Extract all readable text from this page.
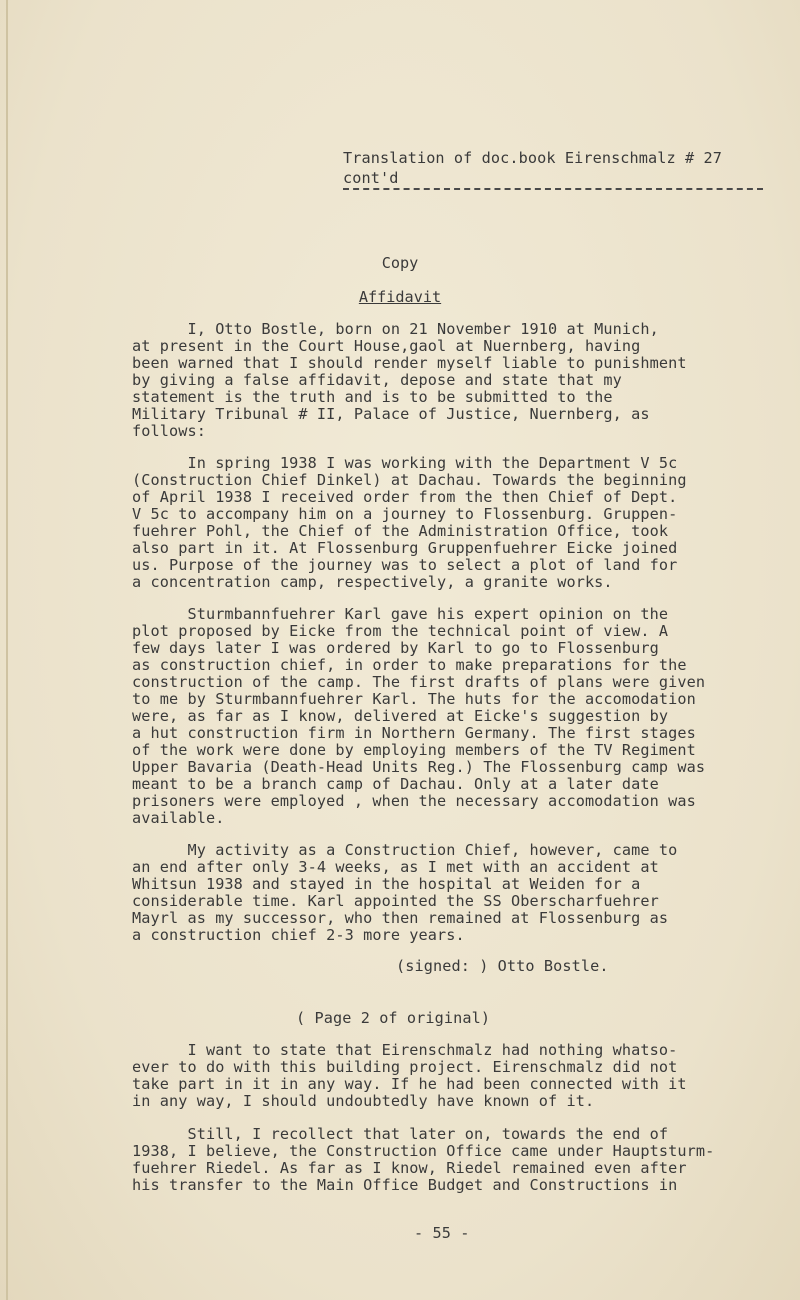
Translation of doc.book Eirenschmalz # 27
cont'd
Copy
Affidavit
I, Otto Bostle, born on 21 November 1910 at Munich,
at present in the Court House,gaol at Nuernberg, having
been warned that I should render myself liable to punishment
by giving a false affidavit, depose and state that my
statement is the truth and is to be submitted to the
Military Tribunal # II, Palace of Justice, Nuernberg, as
follows:
In spring 1938 I was working with the Department V 5c
(Construction Chief Dinkel) at Dachau. Towards the beginning
of April 1938 I received order from the then Chief of Dept.
V 5c to accompany him on a journey to Flossenburg. Gruppen-
fuehrer Pohl, the Chief of the Administration Office, took
also part in it. At Flossenburg Gruppenfuehrer Eicke joined
us. Purpose of the journey was to select a plot of land for
a concentration camp, respectively, a granite works.
Sturmbannfuehrer Karl gave his expert opinion on the
plot proposed by Eicke from the technical point of view. A
few days later I was ordered by Karl to go to Flossenburg
as construction chief, in order to make preparations for the
construction of the camp. The first drafts of plans were given
to me by Sturmbannfuehrer Karl. The huts for the accomodation
were, as far as I know, delivered at Eicke's suggestion by
a hut construction firm in Northern Germany. The first stages
of the work were done by employing members of the TV Regiment
Upper Bavaria (Death-Head Units Reg.) The Flossenburg camp was
meant to be a branch camp of Dachau. Only at a later date
prisoners were employed , when the necessary accomodation was
available.
My activity as a Construction Chief, however, came to
an end after only 3-4 weeks, as I met with an accident at
Whitsun 1938 and stayed in the hospital at Weiden for a
considerable time. Karl appointed the SS Oberscharfuehrer
Mayrl as my successor, who then remained at Flossenburg as
a construction chief 2-3 more years.
(signed: ) Otto Bostle.
( Page 2 of original)
I want to state that Eirenschmalz had nothing whatso-
ever to do with this building project. Eirenschmalz did not
take part in it in any way. If he had been connected with it
in any way, I should undoubtedly have known of it.
Still, I recollect that later on, towards the end of
1938, I believe, the Construction Office came under Hauptsturm-
fuehrer Riedel. As far as I know, Riedel remained even after
his transfer to the Main Office Budget and Constructions in
- 55 -
